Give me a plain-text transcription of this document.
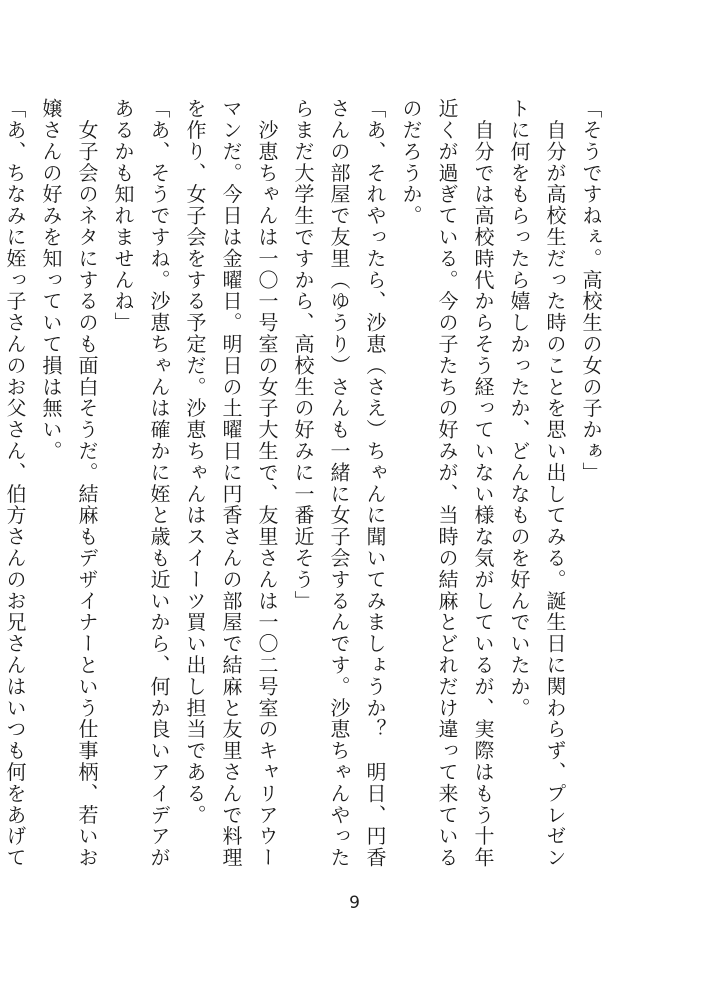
「そうですねぇ。高校生の女の子かぁ」

　自分が高校生だった時のことを思い出してみる。誕生日に関わらず、プレゼントに何をもらったら嬉しかったか、どんなものを好んでいたか。

　自分では高校時代からそう経っていない様な気がしているが、実際はもう十年近くが過ぎている。今の子たちの好みが、当時の結麻とどれだけ違って来ているのだろうか。

「あ、それやったら、沙恵（さえ）ちゃんに聞いてみましょうか？　明日、円香さんの部屋で友里（ゆうり）さんも一緒に女子会するんです。沙恵ちゃんやったらまだ大学生ですから、高校生の好みに一番近そう」

　沙恵ちゃんは一〇一号室の女子大生で、友里さんは一〇二号室のキャリアウーマンだ。今日は金曜日。明日の土曜日に円香さんの部屋で結麻と友里さんで料理を作り、女子会をする予定だ。沙恵ちゃんはスイーツ買い出し担当である。

「あ、そうですね。沙恵ちゃんは確かに姪と歳も近いから、何か良いアイデアがあるかも知れませんね」

　女子会のネタにするのも面白そうだ。結麻もデザイナーという仕事柄、若いお嬢さんの好みを知っていて損は無い。

「あ、ちなみに姪っ子さんのお父さん、伯方さんのお兄さんはいつも何をあげて

9
